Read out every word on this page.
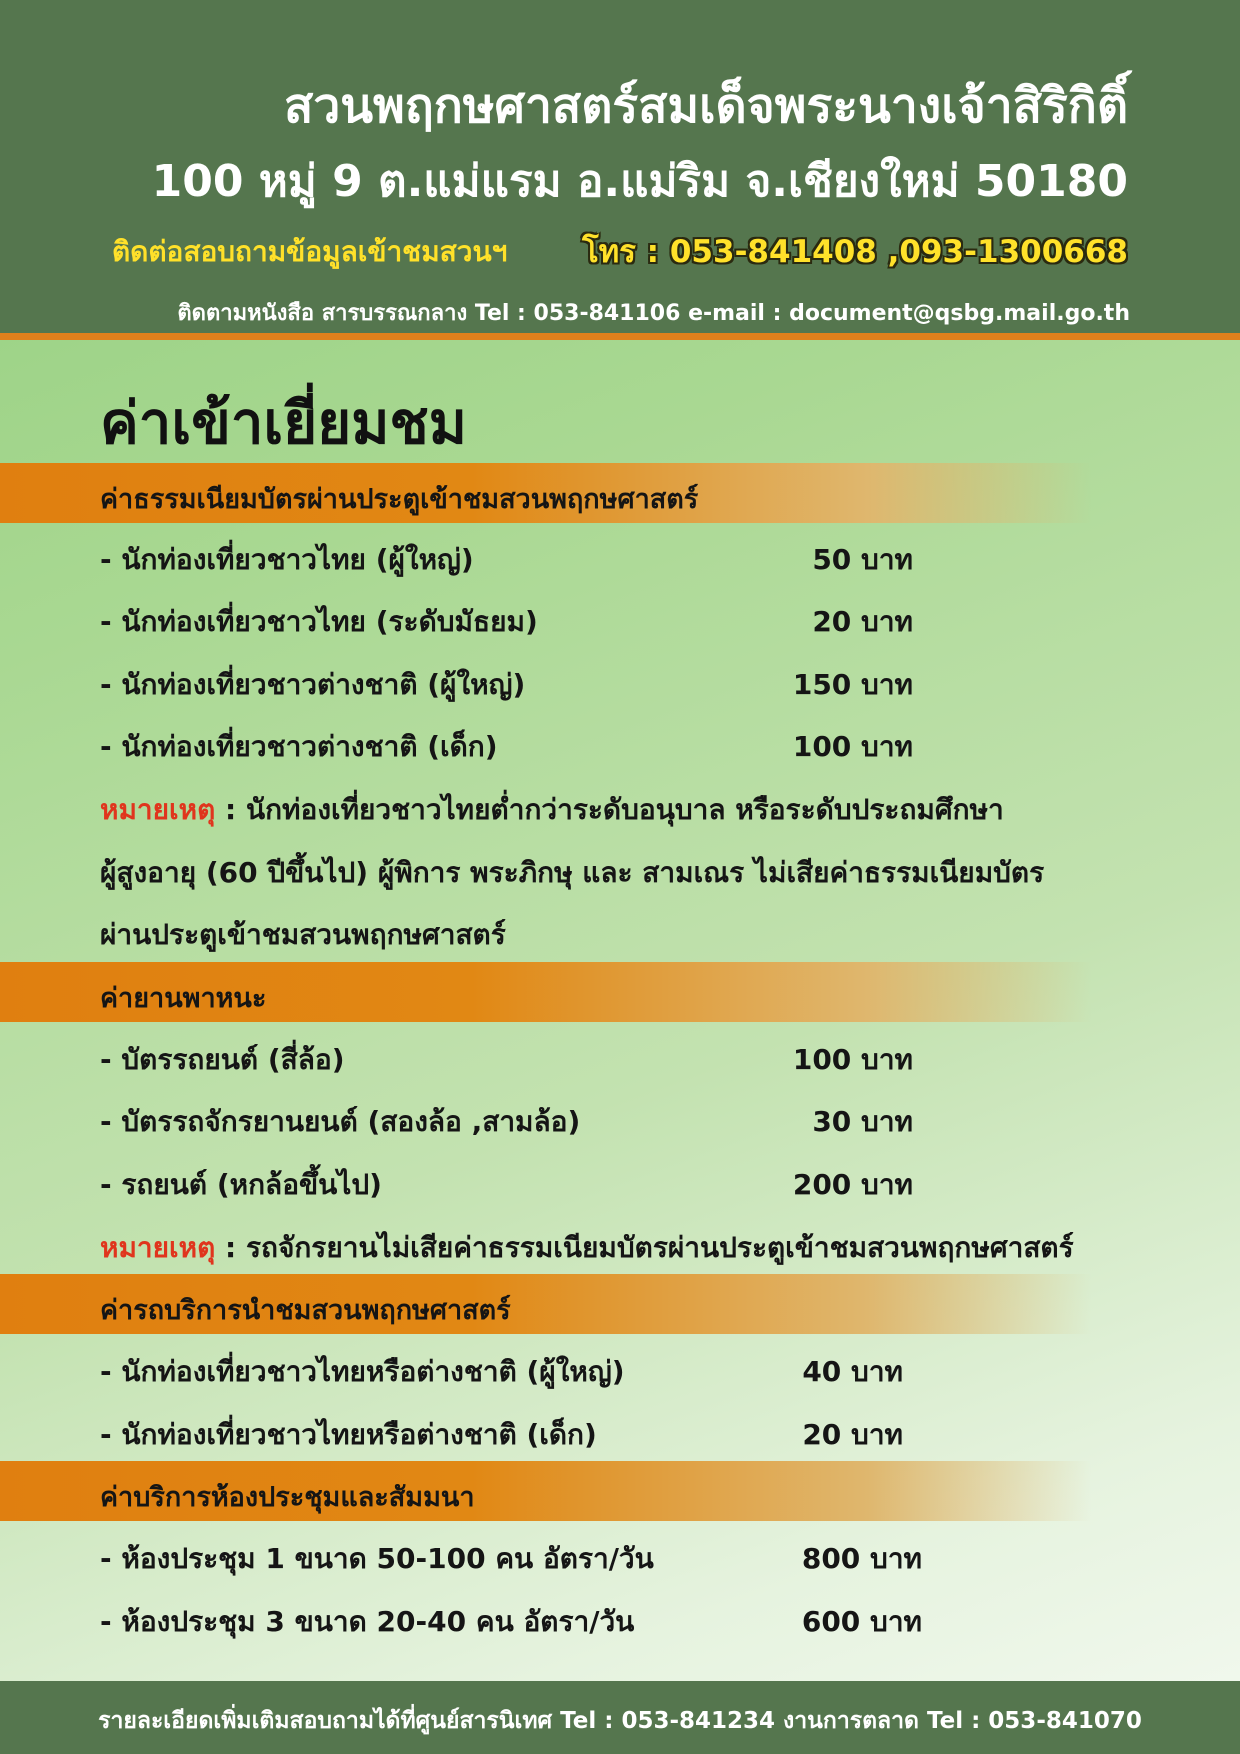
สวนพฤกษศาสตร์สมเด็จพระนางเจ้าสิริกิติ์
100 หมู่ 9 ต.แม่แรม อ.แม่ริม จ.เชียงใหม่ 50180
ติดต่อสอบถามข้อมูลเข้าชมสวนฯ โทร : 053-841408 ,093-1300668
ติดตามหนังสือ สารบรรณกลาง Tel : 053-841106 e-mail : document@qsbg.mail.go.th
ค่าเข้าเยี่ยมชม
ค่าธรรมเนียมบัตรผ่านประตูเข้าชมสวนพฤกษศาสตร์
- นักท่องเที่ยวชาวไทย (ผู้ใหญ่)	50 บาท
- นักท่องเที่ยวชาวไทย (ระดับมัธยม)	20 บาท
- นักท่องเที่ยวชาวต่างชาติ (ผู้ใหญ่)	150 บาท
- นักท่องเที่ยวชาวต่างชาติ (เด็ก)	100 บาท
หมายเหตุ : นักท่องเที่ยวชาวไทยต่ำกว่าระดับอนุบาล หรือระดับประถมศึกษา
ผู้สูงอายุ (60 ปีขึ้นไป) ผู้พิการ พระภิกษุ และ สามเณร ไม่เสียค่าธรรมเนียมบัตร
ผ่านประตูเข้าชมสวนพฤกษศาสตร์
ค่ายานพาหนะ
- บัตรรถยนต์ (สี่ล้อ)	100 บาท
- บัตรรถจักรยานยนต์ (สองล้อ ,สามล้อ)	30 บาท
- รถยนต์ (หกล้อขึ้นไป)	200 บาท
หมายเหตุ : รถจักรยานไม่เสียค่าธรรมเนียมบัตรผ่านประตูเข้าชมสวนพฤกษศาสตร์
ค่ารถบริการนำชมสวนพฤกษศาสตร์
- นักท่องเที่ยวชาวไทยหรือต่างชาติ (ผู้ใหญ่)	40 บาท
- นักท่องเที่ยวชาวไทยหรือต่างชาติ (เด็ก)	20 บาท
ค่าบริการห้องประชุมและสัมมนา
- ห้องประชุม 1 ขนาด 50-100 คน อัตรา/วัน	800 บาท
- ห้องประชุม 3 ขนาด 20-40 คน อัตรา/วัน	600 บาท
รายละเอียดเพิ่มเติมสอบถามได้ที่ศูนย์สารนิเทศ Tel : 053-841234 งานการตลาด Tel : 053-841070
